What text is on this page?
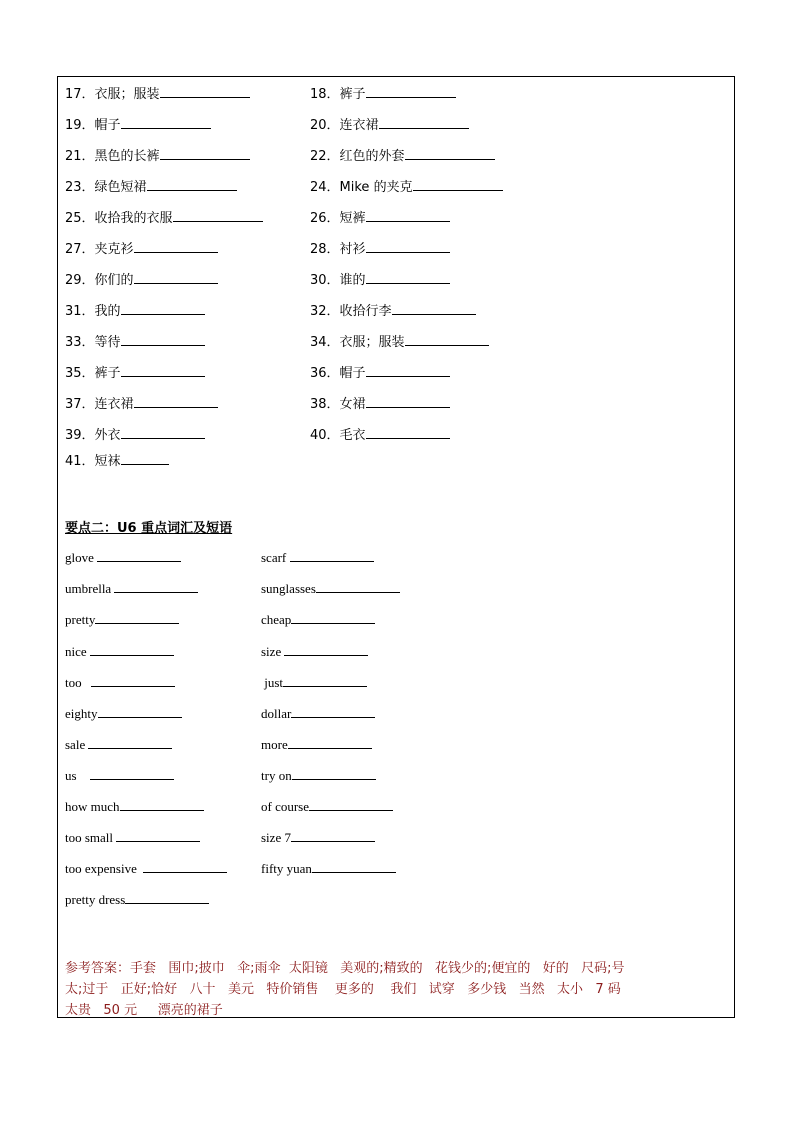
17．衣服；服装	18．裤子
19．帽子	20．连衣裙
21．黑色的长裤	22．红色的外套
23．绿色短裙	24．Mike 的夹克
25．收拾我的衣服	26．短裤
27．夹克衫	28．衬衫
29．你们的	30．谁的
31．我的	32．收拾行李
33．等待	34．衣服；服装
35．裤子	36．帽子
37．连衣裙	38．女裙
39．外衣	40．毛衣
41．短袜
要点二：U6 重点词汇及短语
glove	scarf
umbrella	sunglasses
pretty	cheap
nice	size
too	just
eighty	dollar
sale	more
us	try on
how much	of course
too small	size 7
too expensive	fifty yuan
pretty dress
参考答案：手套   围巾;披巾   伞;雨伞  太阳镜   美观的;精致的   花钱少的;便宜的   好的   尺码;号
太;过于   正好;恰好   八十   美元   特价销售    更多的    我们   试穿   多少钱   当然   太小   7 码
太贵   50 元     漂亮的裙子
